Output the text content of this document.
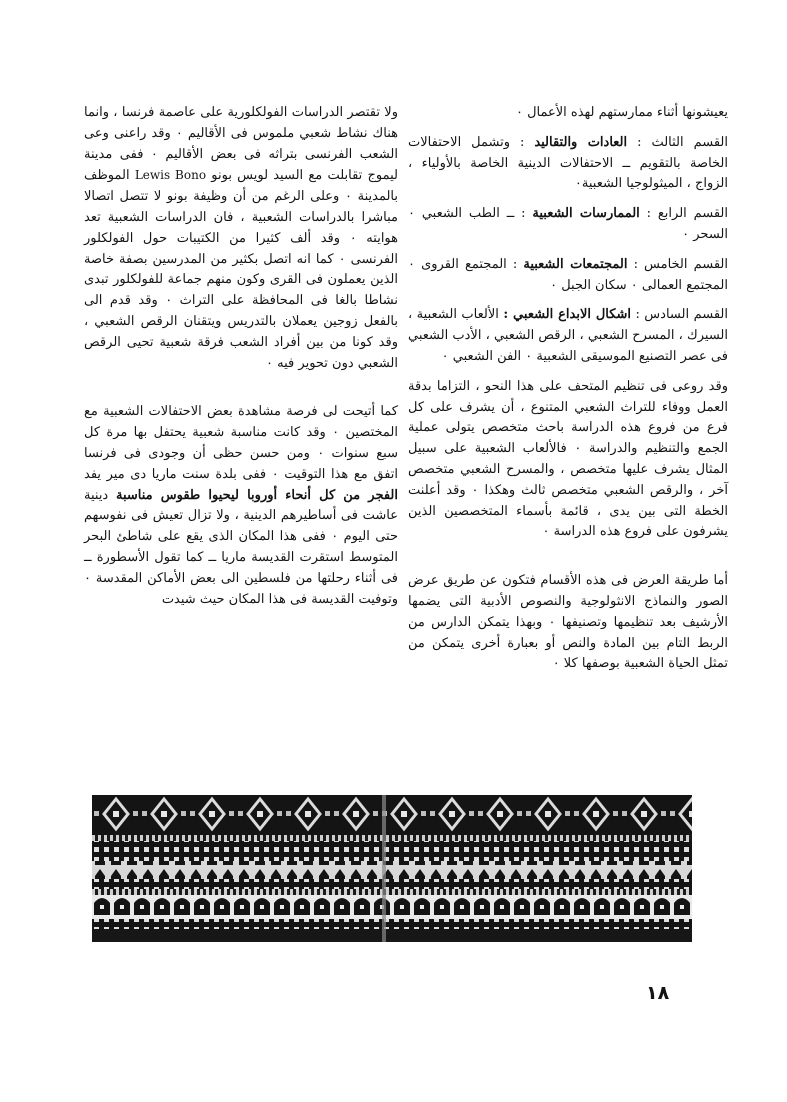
يعيشونها أثناء ممارستهم لهذه الأعمال ٠

القسم الثالث : العادات والتقاليد : وتشمل الاحتفالات الخاصة بالتقويم ــ الاحتفالات الدينية الخاصة بالأولياء ، الزواج ، الميثولوجيا الشعبية٠

القسم الرابع : الممارسات الشعبية : ــ الطب الشعبي ٠ السحر ٠

القسم الخامس : المجتمعات الشعبية : المجتمع القروى ٠ المجتمع العمالى ٠ سكان الجبل ٠

القسم السادس : اشكال الابداع الشعبي : الألعاب الشعبية ، السيرك ، المسرح الشعبي ، الرقص الشعبي ، الأدب الشعبي فى عصر التصنيع الموسيقى الشعبية ٠ الفن الشعبي ٠

وقد روعى فى تنظيم المتحف على هذا النحو ، التزاما بدقة العمل ووفاء للتراث الشعبي المتنوع ، أن يشرف على كل فرع من فروع هذه الدراسة باحث متخصص يتولى عملية الجمع والتنظيم والدراسة ٠ فالألعاب الشعبية على سبيل المثال يشرف عليها متخصص ، والمسرح الشعبي متخصص آخر ، والرقص الشعبي متخصص ثالث وهكذا ٠ وقد أعلنت الخطة التى بين يدى ، قائمة بأسماء المتخصصين الذين يشرفون على فروع هذه الدراسة ٠

أما طريقة العرض فى هذه الأقسام فتكون عن طريق عرض الصور والنماذج الانثولوجية والنصوص الأدبية التى يضمها الأرشيف بعد تنظيمها وتصنيفها ٠ وبهذا يتمكن الدارس من الربط التام بين المادة والنص أو بعبارة أخرى يتمكن من تمثل الحياة الشعبية بوصفها كلا ٠

ولا تقتصر الدراسات الفولكلورية على عاصمة فرنسا ، وانما هناك نشاط شعبي ملموس فى الأقاليم ٠ وقد راعنى وعى الشعب الفرنسى بتراثه فى بعض الأقاليم ٠ ففى مدينة ليموج تقابلت مع السيد لويس بونو Lewis Bono الموظف بالمدينة ٠ وعلى الرغم من أن وظيفة بونو لا تتصل اتصالا مباشرا بالدراسات الشعبية ، فان الدراسات الشعبية تعد هوايته ٠ وقد ألف كثيرا من الكتيبات حول الفولكلور الفرنسى ٠ كما انه اتصل بكثير من المدرسين بصفة خاصة الذين يعملون فى القرى وكون منهم جماعة للفولكلور تبدى نشاطا بالغا فى المحافظة على التراث ٠ وقد قدم الى بالفعل زوجين يعملان بالتدريس ويتقنان الرقص الشعبي ، وقد كونا من بين أفراد الشعب فرقة شعبية تحيى الرقص الشعبي دون تحوير فيه ٠

كما أتيحت لى فرصة مشاهدة بعض الاحتفالات الشعبية مع المختصين ٠ وقد كانت مناسبة شعبية يحتفل بها مرة كل سبع سنوات ٠ ومن حسن حظى أن وجودى فى فرنسا اتفق مع هذا التوقيت ٠ ففى بلدة سنت ماريا دى مير يفد الفجر من كل أنحاء أوروبا ليحيوا طقوس مناسبة دينية عاشت فى أساطيرهم الدينية ، ولا تزال تعيش فى نفوسهم حتى اليوم ٠ ففى هذا المكان الذى يقع على شاطئ البحر المتوسط استقرت القديسة ماريا ــ كما تقول الأسطورة ــ فى أثناء رحلتها من فلسطين الى بعض الأماكن المقدسة ٠ وتوفيت القديسة فى هذا المكان حيث شيدت

١٨
